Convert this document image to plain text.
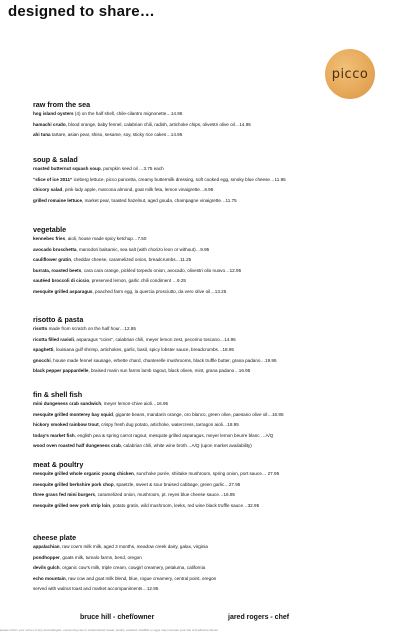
designed to share…
picco
raw from the sea
hog island oysters (4) on the half shell, chile-cilantro mignonette…14.95
hamachi crudo, blood orange, baby fennel, calabrian chili, radish, artichoke chips, olivestri olive oil…14.95
ahi tuna tartare, asian pear, shiso, sesame, soy, sticky rice cakes…14.95
soup & salad
roasted butternut squash soup, pumpkin seed oil …3.75 each
“slice of ice 2011” iceberg lettuce, picco pancetta, creamy buttermilk dressing, soft cooked egg, smoky blue cheese…11.95
chicory salad, pink lady apple, marcona almond, goat milk feta, lemon vinaigrette…8.95
grilled romaine lettuce, market pear, toasted hazelnut, aged gouda, champagne vinaigrette…11.75
vegetable
kennebec fries, aioli, house made spicy ketchup…7.50
avocado bruschetta, manodori balsamic, sea salt (with chorizo leon or without)…9.95
cauliflower gratin, cheddar cheese, caramelized onion, breadcrumbs…11.25
burrata, roasted beets, cara cara orange, pickled torpedo onion, avocado, olivestri olio nuovo…12.95
sautéed broccoli di ciccio, preserved lemon, garlic chili condiment …9.25
mesquite grilled asparagus, poached farm egg, la quercia prosciutto, da vero olive oil…13.25
risotto & pasta
risotto made from scratch on the half hour…12.95
ricotta filled ravioli, asparagus “coins”, calabrian chili, meyer lemon zest, pecorino toscano…14.95
spaghetti, louisiana gulf shrimp, artichokes, garlic, basil, spicy lobster sauce, breadcrumbs…18.95
gnocchi, house made fennel sausage, erbette chard, chanterelle mushrooms, black truffle butter, grana padano…19.95
black pepper pappardelle, braised marin sun farms lamb ragout, black olives, mint, grana padano…16.95
fin & shell fish
mini dungeness crab sandwich, meyer lemon-chive aioli…16.95
mesquite grilled monterey bay squid, gigante beans, mandarin orange, oro blanco, green olive, paesano olive oil…16.95
hickory smoked rainbow trout, crispy fresh dug potato, artichoke, watercress, tarragon aioli…18.95
today’s market fish, english pea & spring carrot ragout, mesquite grilled asparagus, meyer lemon beurre blanc …A/Q
wood oven roasted half dungeness crab, calabrian chili, white wine broth…A/Q (upon market availability)
meat & poultry
mesquite grilled whole organic young chicken, sunchoke purée, shiitake mushroom, spring onion, port sauce… 27.95
mesquite grilled berkshire pork chop, spaetzle, sweet & sour braised cabbage, green garlic…27.95
three grass fed mini burgers, caramelized onion, mushroom, pt. reyes blue cheese sauce…16.95
mesquite grilled new york strip loin, potato gratin, wild mushroom, leeks, red wine black truffle sauce…32.95
cheese plate
appalachian, raw cow’s milk milk, aged 3 months, meadow creek dairy, galax, virginia
pondhopper, goats milk, tumalo farms, bend, oregon
devils gulch, organic cow’s milk, triple cream, cowgirl creamery, petaluma, california
echo mountain, raw cow and goat milk blend, blue, rogue creamery, central point, oregon
served with walnut toast and market accompaniments…12.95
bruce hill - chef/owner	jared rogers - chef
please inform your server of any food allergies. consuming raw or undercooked meats, poultry, seafood, shellfish or eggs may increase your risk of foodborne illness
